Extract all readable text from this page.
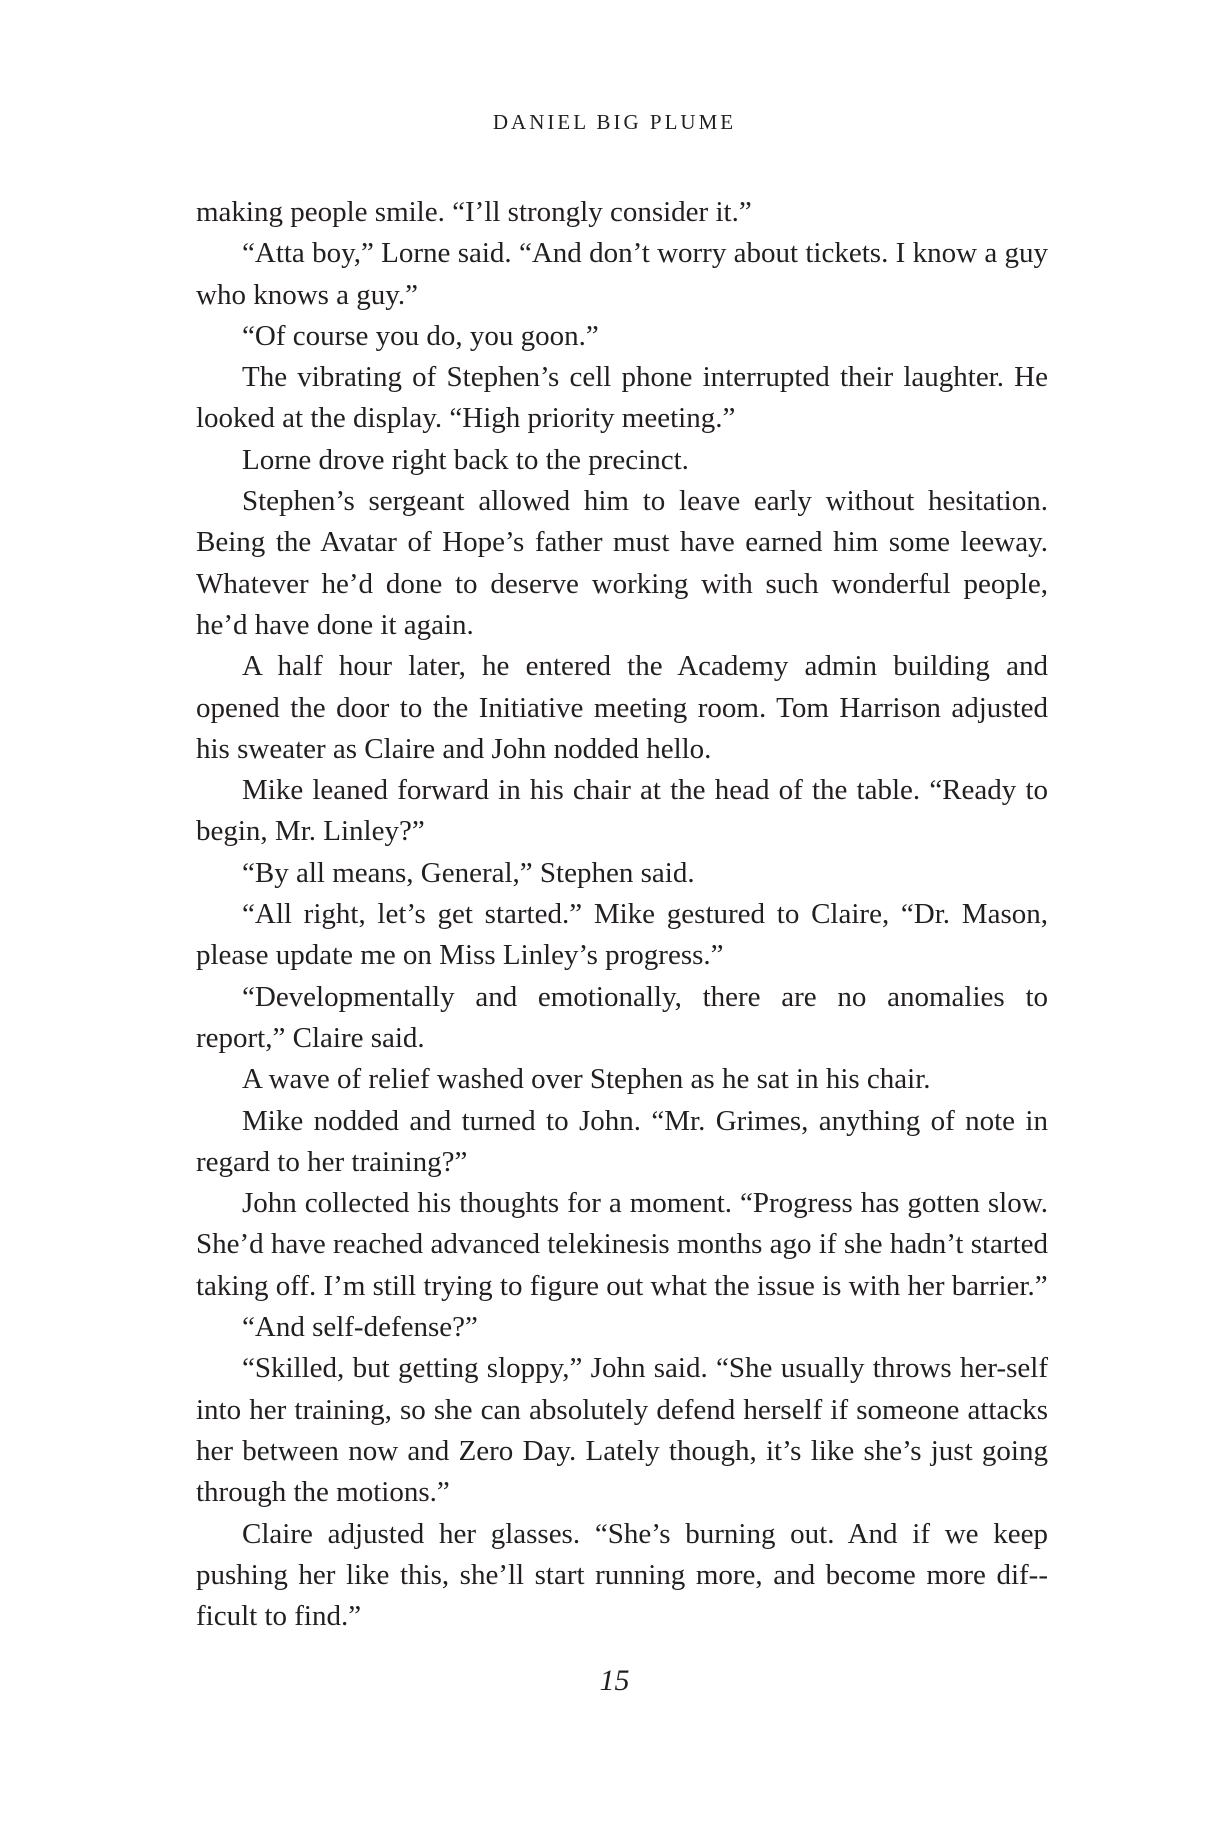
DANIEL BIG PLUME

making people smile. “I’ll strongly consider it.”

“Atta boy,” Lorne said. “And don’t worry about tickets. I know a guy who knows a guy.”

“Of course you do, you goon.”

The vibrating of Stephen’s cell phone interrupted their laughter. He looked at the display. “High priority meeting.”

Lorne drove right back to the precinct.

Stephen’s sergeant allowed him to leave early without hesitation. Being the Avatar of Hope’s father must have earned him some leeway. Whatever he’d done to deserve working with such wonderful people, he’d have done it again.

A half hour later, he entered the Academy admin building and opened the door to the Initiative meeting room. Tom Harrison adjusted his sweater as Claire and John nodded hello.

Mike leaned forward in his chair at the head of the table. “Ready to begin, Mr. Linley?”

“By all means, General,” Stephen said.

“All right, let’s get started.” Mike gestured to Claire, “Dr. Mason, please update me on Miss Linley’s progress.”

“Developmentally and emotionally, there are no anomalies to report,” Claire said.

A wave of relief washed over Stephen as he sat in his chair.

Mike nodded and turned to John. “Mr. Grimes, anything of note in regard to her training?”

John collected his thoughts for a moment. “Progress has gotten slow. She’d have reached advanced telekinesis months ago if she hadn’t started taking off. I’m still trying to figure out what the issue is with her barrier.”

“And self-defense?”

“Skilled, but getting sloppy,” John said. “She usually throws her-self into her training, so she can absolutely defend herself if someone attacks her between now and Zero Day. Lately though, it’s like she’s just going through the motions.”

Claire adjusted her glasses. “She’s burning out. And if we keep pushing her like this, she’ll start running more, and become more dif-ficult to find.”

15
